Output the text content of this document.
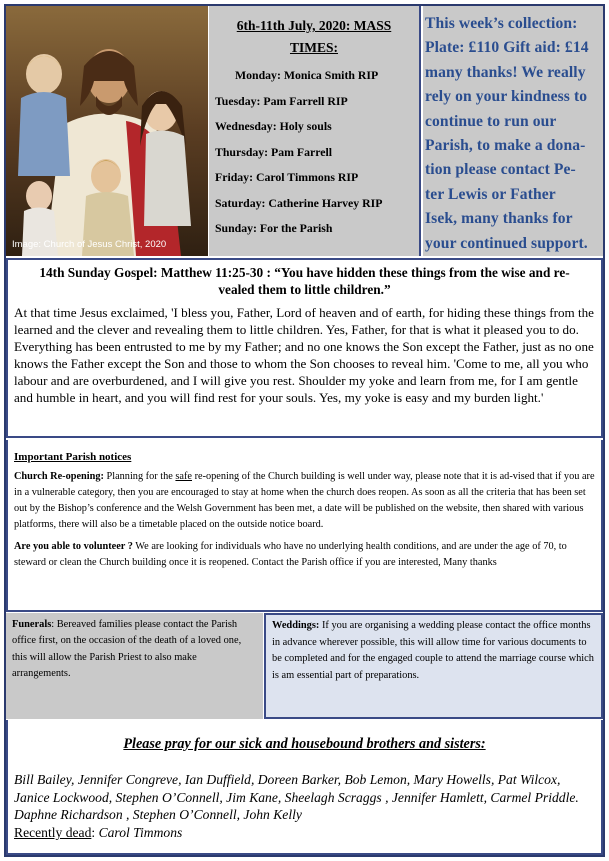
Image: Church of Jesus Christ, 2020
6th-11th July, 2020: MASS
TIMES:
Monday: Monica Smith RIP
Tuesday: Pam Farrell RIP
Wednesday: Holy souls
Thursday: Pam Farrell
Friday: Carol Timmons RIP
Saturday: Catherine Harvey RIP
Sunday: For the Parish
This week’s collection:
Plate: £110 Gift aid: £14
many thanks! We really
rely on your kindness to
continue to run our
Parish, to make a dona-
tion please contact Pe-
ter Lewis or Father
Isek, many thanks for
your continued support.
14th Sunday Gospel: Matthew 11:25-30 : “You have hidden these things from the wise and re-vealed them to little children.”
At that time Jesus exclaimed, 'I bless you, Father, Lord of heaven and of earth, for hiding these things from the learned and the clever and revealing them to little children. Yes, Father, for that is what it pleased you to do. Everything has been entrusted to me by my Father; and no one knows the Son except the Father, just as no one knows the Father except the Son and those to whom the Son chooses to reveal him. 'Come to me, all you who labour and are overburdened, and I will give you rest. Shoulder my yoke and learn from me, for I am gentle and humble in heart, and you will find rest for your souls. Yes, my yoke is easy and my burden light.'
Important Parish notices
Church Re-opening: Planning for the safe re-opening of the Church building is well under way, please note that it is ad-vised that if you are in a vulnerable category, then you are encouraged to stay at home when the church does reopen. As soon as all the criteria that has been set out by the Bishop’s conference and the Welsh Government has been met, a date will be published on the website, then shared with various platforms, there will also be a timetable placed on the outside notice board.
Are you able to volunteer ? We are looking for individuals who have no underlying health conditions, and are under the age of 70, to steward or clean the Church building once it is reopened. Contact the Parish office if you are interested, Many thanks
Funerals: Bereaved families please contact the Parish office first, on the occasion of the death of a loved one, this will allow the Parish Priest to also make arrangements.
Weddings: If you are organising a wedding please contact the office months in advance wherever possible, this will allow time for various documents to be completed and for the engaged couple to attend the marriage course which is am essential part of preparations.
Please pray for our sick and housebound brothers and sisters:
Bill Bailey, Jennifer Congreve, Ian Duffield, Doreen Barker, Bob Lemon, Mary Howells, Pat Wilcox, Janice Lockwood, Stephen O’Connell, Jim Kane, Sheelagh Scraggs , Jennifer Hamlett, Carmel Priddle. Daphne Richardson , Stephen O’Connell, John Kelly
Recently dead: Carol Timmons
